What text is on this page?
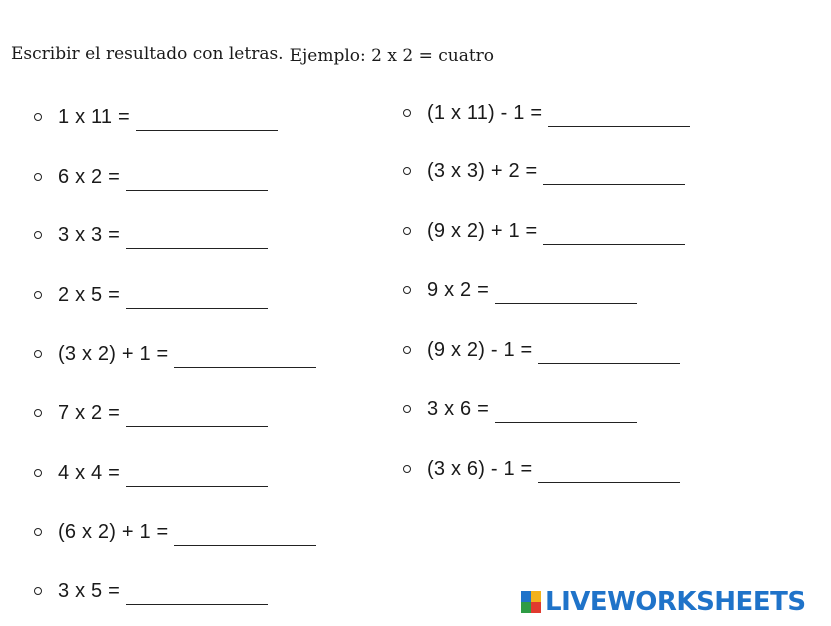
Escribir el resultado con letras. Ejemplo: 2 x 2 = cuatro
1 x 11 =
6 x 2 =
3 x 3 =
2 x 5 =
(3 x 2) + 1 =
7 x 2 =
4 x 4 =
(6 x 2) + 1 =
3 x 5 =
(1 x 11) - 1 =
(3 x 3) + 2 =
(9 x 2) + 1 =
9 x 2 =
(9 x 2) - 1 =
3 x 6 =
(3 x 6) - 1 =
LIVEWORKSHEETS
